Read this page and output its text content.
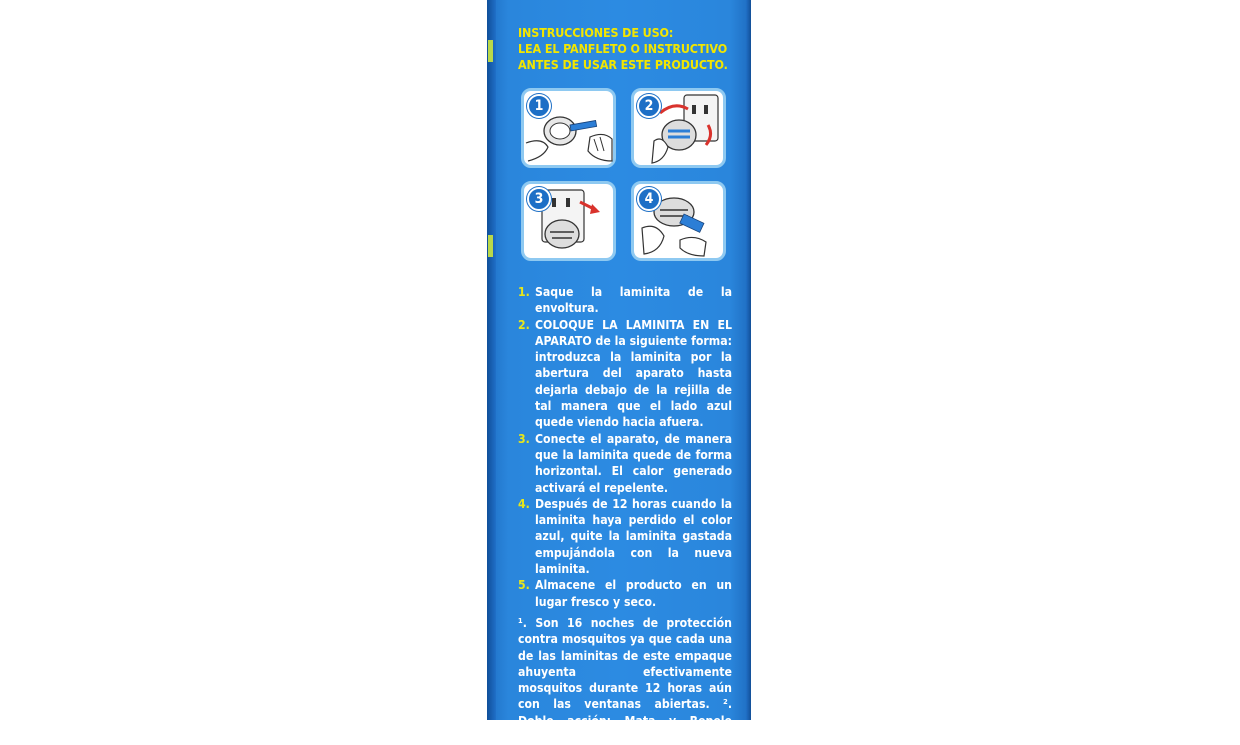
INSTRUCCIONES DE USO:
LEA EL PANFLETO O INSTRUCTIVO
ANTES DE USAR ESTE PRODUCTO.
1	2
3	4
1. Saque la laminita de la envoltura.
2. COLOQUE LA LAMINITA EN EL APARATO de la siguiente forma: introduzca la laminita por la abertura del aparato hasta dejarla debajo de la rejilla de tal manera que el lado azul quede viendo hacia afuera.
3. Conecte el aparato, de manera que la laminita quede de forma horizontal. El calor generado activará el repelente.
4. Después de 12 horas cuando la laminita haya perdido el color azul, quite la laminita gastada empujándola con la nueva laminita.
5. Almacene el producto en un lugar fresco y seco.
¹. Son 16 noches de protección contra mosquitos ya que cada una de las laminitas de este empaque ahuyenta efectivamente mosquitos durante 12 horas aún con las ventanas abiertas. ². Doble acción: Mata y Repele Mosquitos.
